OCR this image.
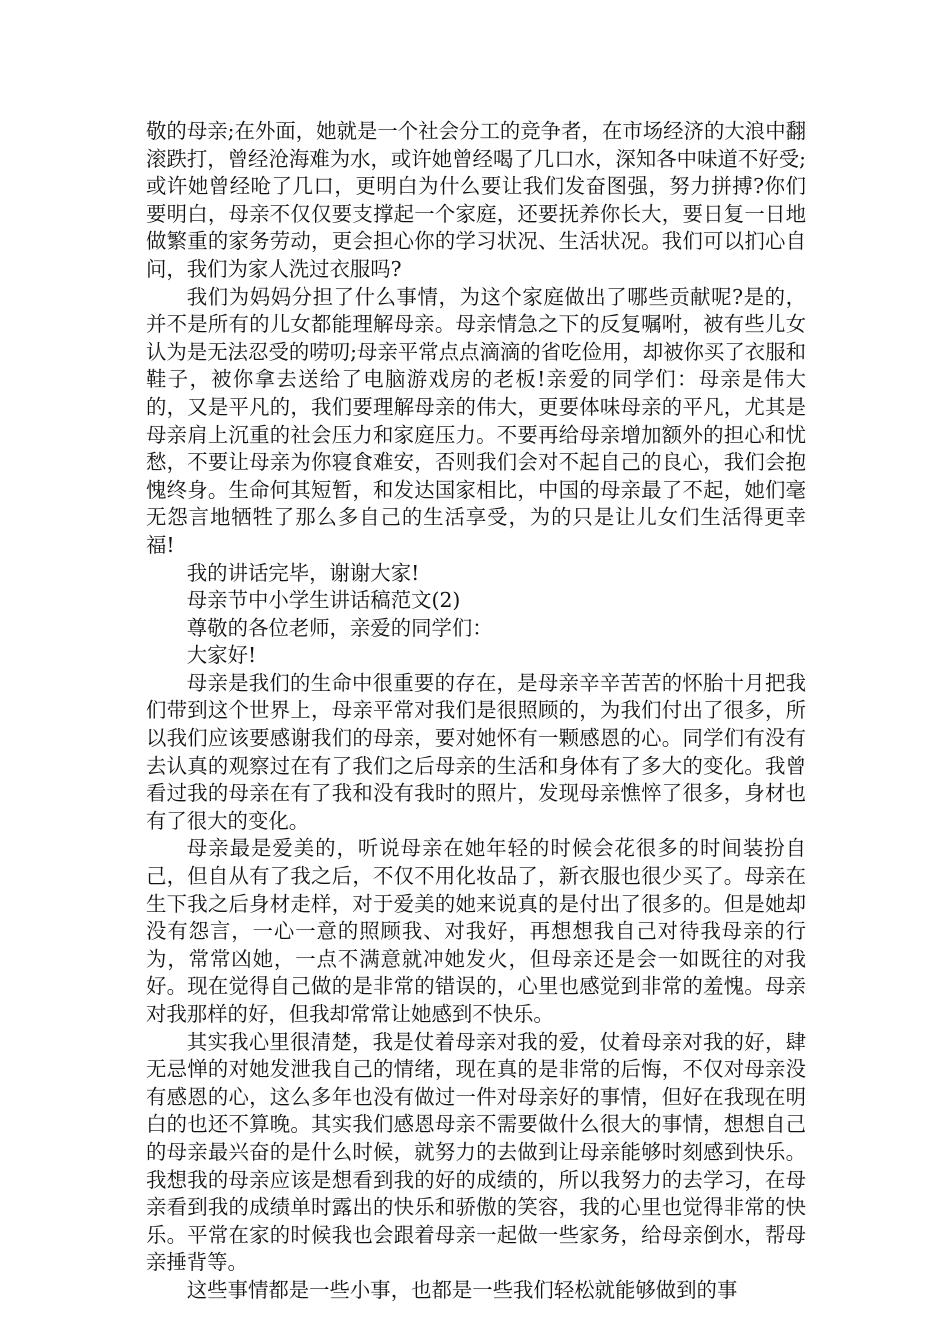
敬的母亲;在外面，她就是一个社会分工的竞争者，在市场经济的大浪中翻滚跌打，曾经沧海难为水，或许她曾经喝了几口水，深知各中味道不好受;或许她曾经呛了几口，更明白为什么要让我们发奋图强，努力拼搏?你们要明白，母亲不仅仅要支撑起一个家庭，还要抚养你长大，要日复一日地做繁重的家务劳动，更会担心你的学习状况、生活状况。我们可以扪心自问，我们为家人洗过衣服吗?

我们为妈妈分担了什么事情，为这个家庭做出了哪些贡献呢?是的，并不是所有的儿女都能理解母亲。母亲情急之下的反复嘱咐，被有些儿女认为是无法忍受的唠叨;母亲平常点点滴滴的省吃俭用，却被你买了衣服和鞋子，被你拿去送给了电脑游戏房的老板!亲爱的同学们：母亲是伟大的，又是平凡的，我们要理解母亲的伟大，更要体味母亲的平凡，尤其是母亲肩上沉重的社会压力和家庭压力。不要再给母亲增加额外的担心和忧愁，不要让母亲为你寝食难安，否则我们会对不起自己的良心，我们会抱愧终身。生命何其短暂，和发达国家相比，中国的母亲最了不起，她们毫无怨言地牺牲了那么多自己的生活享受，为的只是让儿女们生活得更幸福!

我的讲话完毕，谢谢大家!

母亲节中小学生讲话稿范文(2)

尊敬的各位老师，亲爱的同学们：

大家好!

母亲是我们的生命中很重要的存在，是母亲辛辛苦苦的怀胎十月把我们带到这个世界上，母亲平常对我们是很照顾的，为我们付出了很多，所以我们应该要感谢我们的母亲，要对她怀有一颗感恩的心。同学们有没有去认真的观察过在有了我们之后母亲的生活和身体有了多大的变化。我曾看过我的母亲在有了我和没有我时的照片，发现母亲憔悴了很多，身材也有了很大的变化。

母亲最是爱美的，听说母亲在她年轻的时候会花很多的时间装扮自己，但自从有了我之后，不仅不用化妆品了，新衣服也很少买了。母亲在生下我之后身材走样，对于爱美的她来说真的是付出了很多的。但是她却没有怨言，一心一意的照顾我、对我好，再想想我自己对待我母亲的行为，常常凶她，一点不满意就冲她发火，但母亲还是会一如既往的对我好。现在觉得自己做的是非常的错误的，心里也感觉到非常的羞愧。母亲对我那样的好，但我却常常让她感到不快乐。

其实我心里很清楚，我是仗着母亲对我的爱，仗着母亲对我的好，肆无忌惮的对她发泄我自己的情绪，现在真的是非常的后悔，不仅对母亲没有感恩的心，这么多年也没有做过一件对母亲好的事情，但好在我现在明白的也还不算晚。其实我们感恩母亲不需要做什么很大的事情，想想自己的母亲最兴奋的是什么时候，就努力的去做到让母亲能够时刻感到快乐。我想我的母亲应该是想看到我的好的成绩的，所以我努力的去学习，在母亲看到我的成绩单时露出的快乐和骄傲的笑容，我的心里也觉得非常的快乐。平常在家的时候我也会跟着母亲一起做一些家务，给母亲倒水，帮母亲捶背等。

这些事情都是一些小事，也都是一些我们轻松就能够做到的事
